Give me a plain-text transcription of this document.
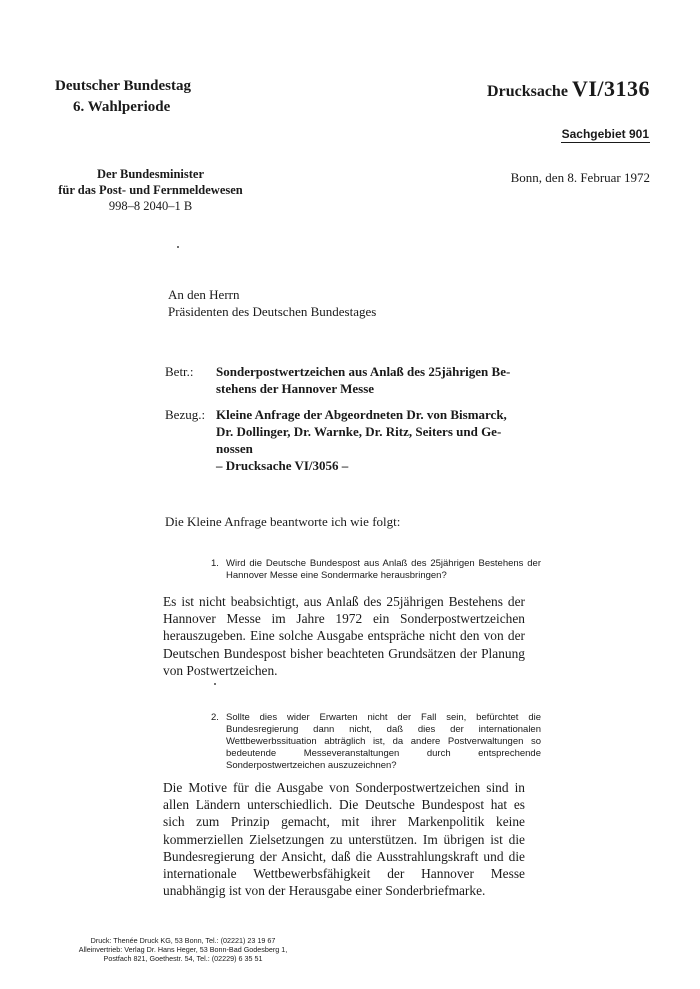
Deutscher Bundestag
6. Wahlperiode
Drucksache VI/3136
Sachgebiet 901
Der Bundesminister
für das Post- und Fernmeldewesen
998–8 2040–1 B
Bonn, den 8. Februar 1972
An den Herrn
Präsidenten des Deutschen Bundestages
Betr.: Sonderpostwertzeichen aus Anlaß des 25jährigen Be-
stehens der Hannover Messe
Bezug.: Kleine Anfrage der Abgeordneten Dr. von Bismarck,
Dr. Dollinger, Dr. Warnke, Dr. Ritz, Seiters und Ge-
nossen
– Drucksache VI/3056 –
Die Kleine Anfrage beantworte ich wie folgt:
1. Wird die Deutsche Bundespost aus Anlaß des 25jährigen Bestehens der Hannover Messe eine Sondermarke herausbringen?
Es ist nicht beabsichtigt, aus Anlaß des 25jährigen Bestehens der Hannover Messe im Jahre 1972 ein Sonderpostwertzeichen herauszugeben. Eine solche Ausgabe entspräche nicht den von der Deutschen Bundespost bisher beachteten Grundsätzen der Planung von Postwertzeichen.
2. Sollte dies wider Erwarten nicht der Fall sein, befürchtet die Bundesregierung dann nicht, daß dies der internationalen Wettbewerbssituation abträglich ist, da andere Postverwaltungen so bedeutende Messeveranstaltungen durch entsprechende Sonderpostwertzeichen auszuzeichnen?
Die Motive für die Ausgabe von Sonderpostwertzeichen sind in allen Ländern unterschiedlich. Die Deutsche Bundespost hat es sich zum Prinzip gemacht, mit ihrer Markenpolitik keine kommerziellen Zielsetzungen zu unterstützen. Im übrigen ist die Bundesregierung der Ansicht, daß die Ausstrahlungskraft und die internationale Wettbewerbsfähigkeit der Hannover Messe unabhängig ist von der Herausgabe einer Sonderbriefmarke.
Druck: Thenée Druck KG, 53 Bonn, Tel.: (02221) 23 19 67
Alleinvertrieb: Verlag Dr. Hans Heger, 53 Bonn-Bad Godesberg 1,
Postfach 821, Goethestr. 54, Tel.: (02229) 6 35 51
